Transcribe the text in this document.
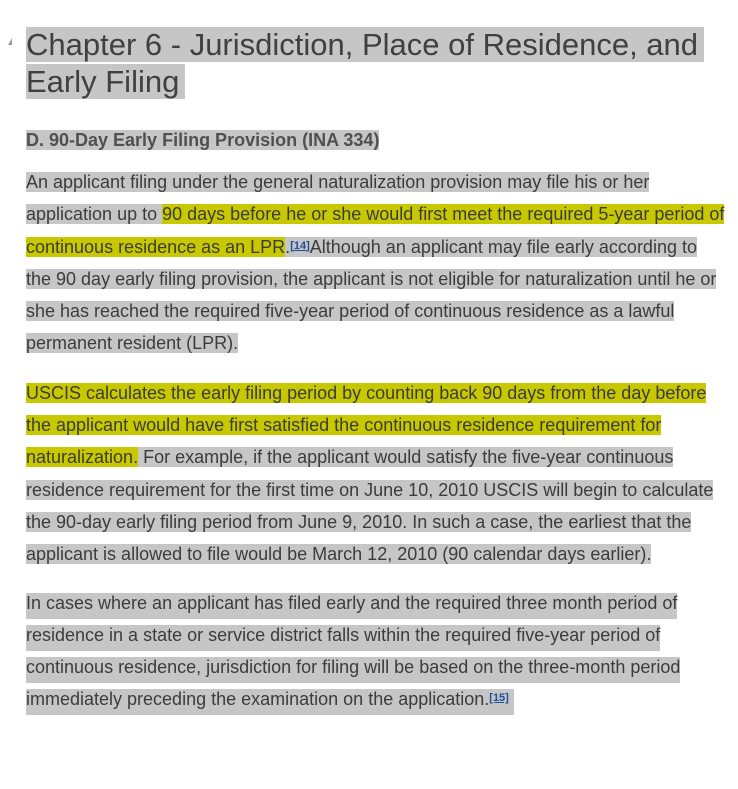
Chapter 6 - Jurisdiction, Place of Residence, and Early Filing
D. 90-Day Early Filing Provision (INA 334)

An applicant filing under the general naturalization provision may file his or her application up to 90 days before he or she would first meet the required 5-year period of continuous residence as an LPR.[14]Although an applicant may file early according to the 90 day early filing provision, the applicant is not eligible for naturalization until he or she has reached the required five-year period of continuous residence as a lawful permanent resident (LPR).

USCIS calculates the early filing period by counting back 90 days from the day before the applicant would have first satisfied the continuous residence requirement for naturalization. For example, if the applicant would satisfy the five-year continuous residence requirement for the first time on June 10, 2010 USCIS will begin to calculate the 90-day early filing period from June 9, 2010. In such a case, the earliest that the applicant is allowed to file would be March 12, 2010 (90 calendar days earlier).

In cases where an applicant has filed early and the required three month period of residence in a state or service district falls within the required five-year period of continuous residence, jurisdiction for filing will be based on the three-month period immediately preceding the examination on the application.[15]
